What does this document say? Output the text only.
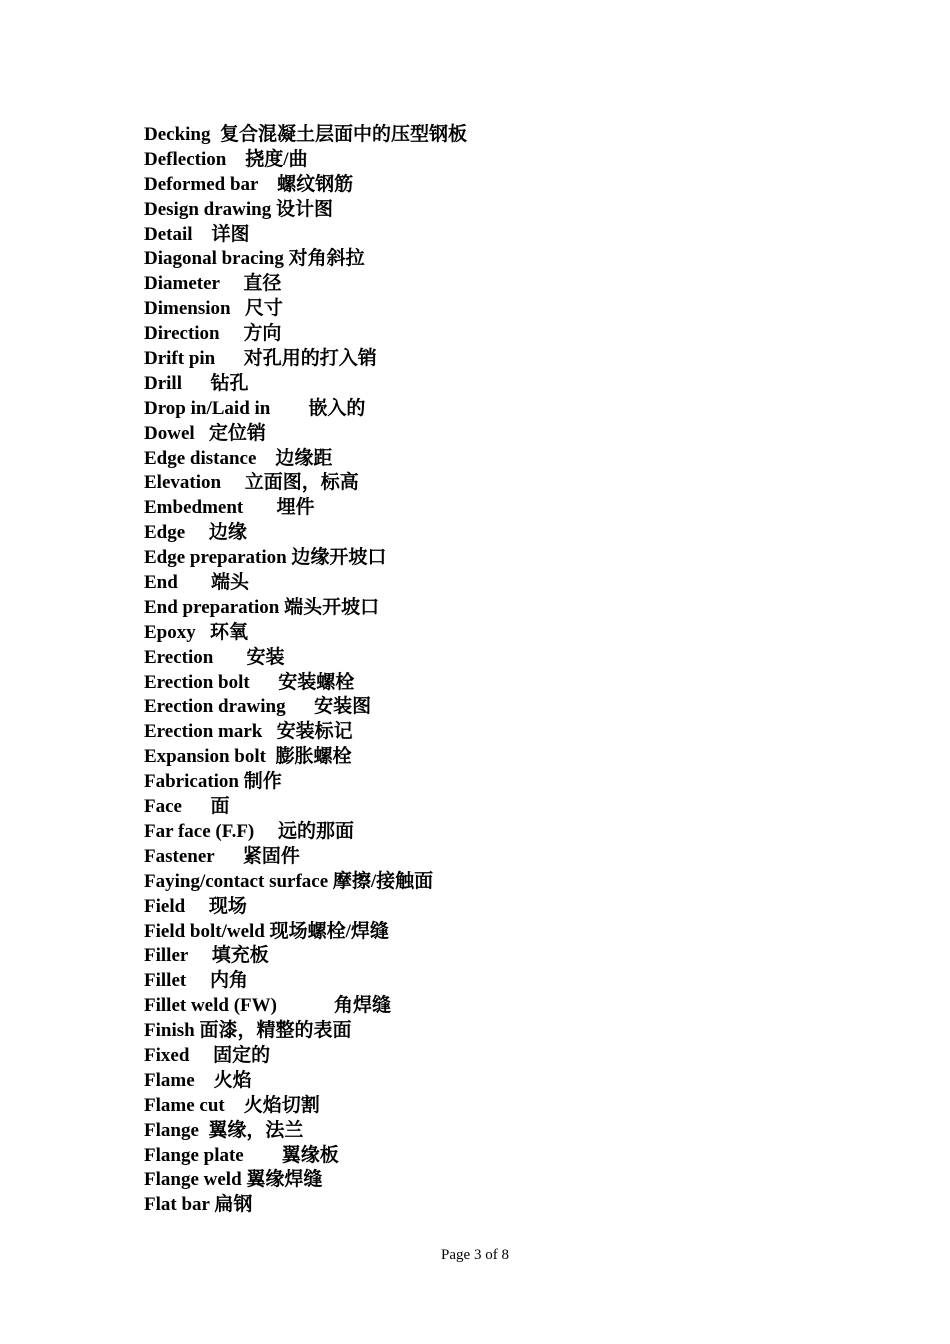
Decking  复合混凝土层面中的压型钢板
Deflection    挠度/曲
Deformed bar    螺纹钢筋
Design drawing 设计图
Detail    详图
Diagonal bracing 对角斜拉
Diameter     直径
Dimension   尺寸
Direction     方向
Drift pin      对孔用的打入销
Drill      钻孔
Drop in/Laid in        嵌入的
Dowel   定位销
Edge distance    边缘距
Elevation     立面图，标高
Embedment       埋件
Edge     边缘
Edge preparation 边缘开坡口
End       端头
End preparation 端头开坡口
Epoxy   环氧
Erection       安装
Erection bolt      安装螺栓
Erection drawing      安装图
Erection mark   安装标记
Expansion bolt  膨胀螺栓
Fabrication 制作
Face      面
Far face (F.F)     远的那面
Fastener      紧固件
Faying/contact surface 摩擦/接触面
Field     现场
Field bolt/weld 现场螺栓/焊缝
Filler     填充板
Fillet     内角
Fillet weld (FW)            角焊缝
Finish 面漆，精整的表面
Fixed     固定的
Flame    火焰
Flame cut    火焰切割
Flange  翼缘，法兰
Flange plate        翼缘板
Flange weld 翼缘焊缝
Flat bar 扁钢
Page 3 of 8
